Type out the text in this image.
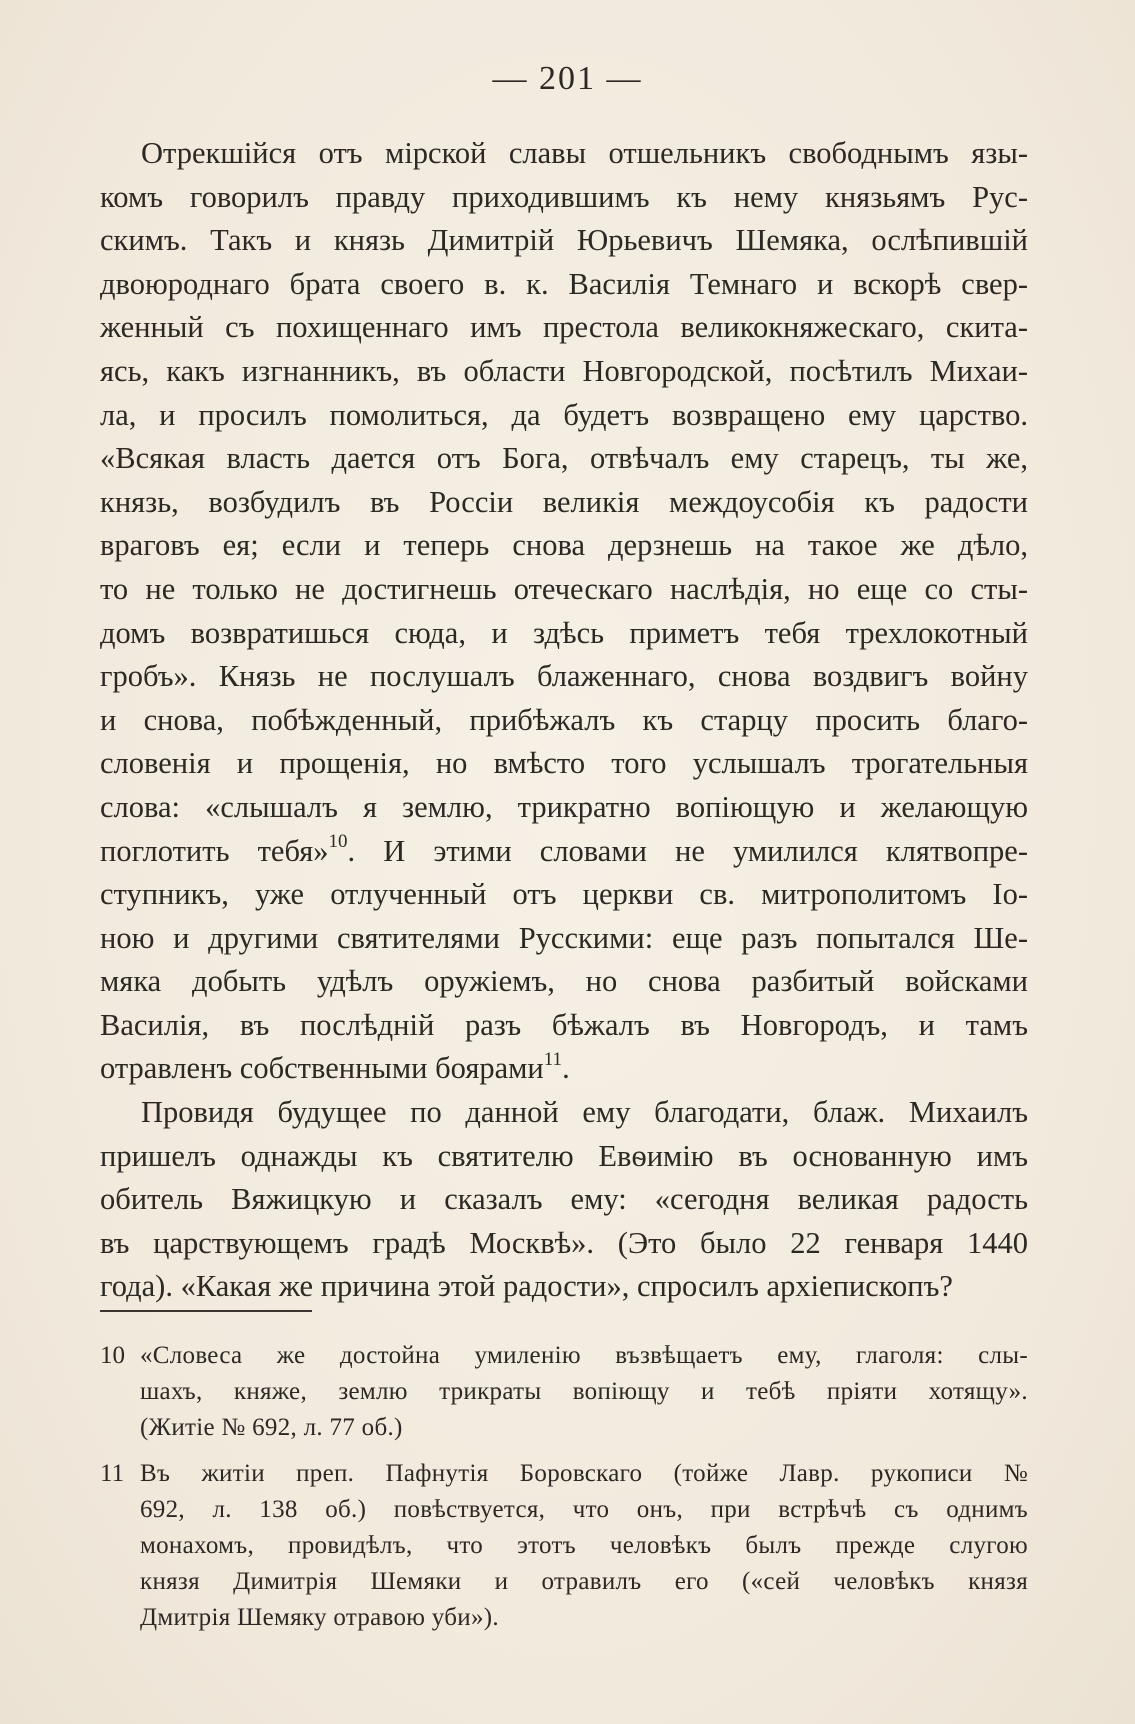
— 201 —
Отрекшійся отъ мірской славы отшельникъ свободнымъ язы-
комъ говорилъ правду приходившимъ къ нему князьямъ Рус-
скимъ. Такъ и князь Димитрій Юрьевичъ Шемяка, ослѣпившій
двоюроднаго брата своего в. к. Василія Темнаго и вскорѣ свер-
женный съ похищеннаго имъ престола великокняжескаго, скита-
ясь, какъ изгнанникъ, въ области Новгородской, посѣтилъ Михаи-
ла, и просилъ помолиться, да будетъ возвращено ему царство.
«Всякая власть дается отъ Бога, отвѣчалъ ему старецъ, ты же,
князь, возбудилъ въ Россіи великія междоусобія къ радости
враговъ ея; если и теперь снова дерзнешь на такое же дѣло,
то не только не достигнешь отеческаго наслѣдія, но еще со сты-
домъ возвратишься сюда, и здѣсь приметъ тебя трехлокотный
гробъ». Князь не послушалъ блаженнаго, снова воздвигъ войну
и снова, побѣжденный, прибѣжалъ къ старцу просить благо-
словенія и прощенія, но вмѣсто того услышалъ трогательныя
слова: «слышалъ я землю, трикратно вопіющую и желающую
поглотить тебя»$^{10}$. И этими словами не умилился клятвопре-
ступникъ, уже отлученный отъ церкви св. митрополитомъ Іо-
ною и другими святителями Русскими: еще разъ попытался Ше-
мяка добыть удѣлъ оружіемъ, но снова разбитый войсками
Василія, въ послѣдній разъ бѣжалъ въ Новгородъ, и тамъ
отравленъ собственными боярами$^{11}$.
Провидя будущее по данной ему благодати, блаж. Михаилъ
пришелъ однажды къ святителю Евѳимію въ основанную имъ
обитель Вяжицкую и сказалъ ему: «сегодня великая радость
въ царствующемъ градѣ Москвѣ». (Это было 22 генваря 1440
года). «Какая же причина этой радости», спросилъ архіепископъ?
10 «Словеса же достойна умиленію възвѣщаетъ ему, глаголя: слы-
шахъ, княже, землю трикраты вопіющу и тебѣ пріяти хотящу».
(Житіе № 692, л. 77 об.)
11 Въ житіи преп. Пафнутія Боровскаго (тойже Лавр. рукописи №
692, л. 138 об.) повѣствуется, что онъ, при встрѣчѣ съ однимъ
монахомъ, провидѣлъ, что этотъ человѣкъ былъ прежде слугою
князя Димитрія Шемяки и отравилъ его («сей человѣкъ князя
Дмитрія Шемяку отравою уби»).
